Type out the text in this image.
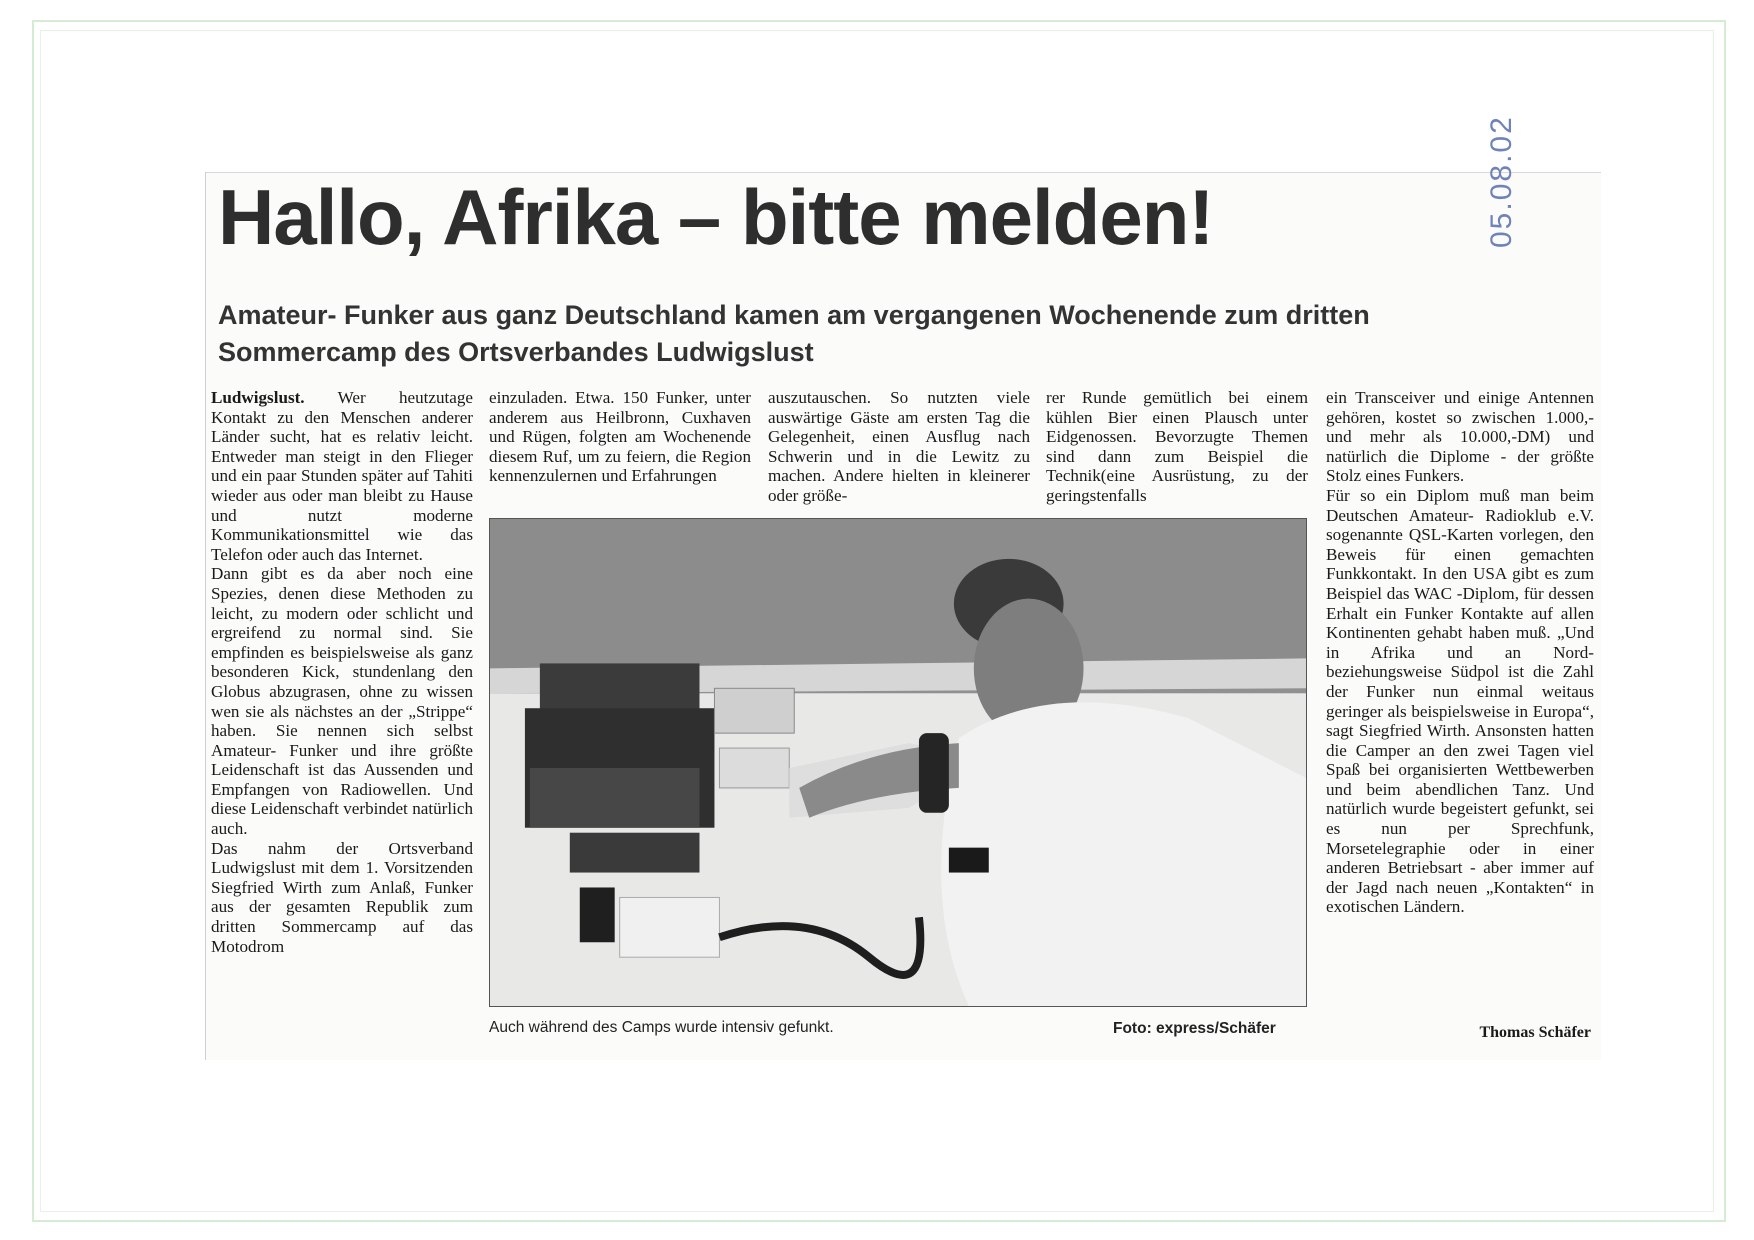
Hallo, Afrika – bitte melden!
Amateur- Funker aus ganz Deutschland kamen am vergangenen Wochenende zum dritten Sommercamp des Ortsverbandes Ludwigslust

Ludwigslust. Wer heutzutage Kontakt zu den Menschen anderer Länder sucht, hat es relativ leicht. Entweder man steigt in den Flieger und ein paar Stunden später auf Tahiti wieder aus oder man bleibt zu Hause und nutzt moderne Kommunikationsmittel wie das Telefon oder auch das Internet.

Dann gibt es da aber noch eine Spezies, denen diese Methoden zu leicht, zu modern oder schlicht und ergreifend zu normal sind. Sie empfinden es beispielsweise als ganz besonderen Kick, stundenlang den Globus abzugrasen, ohne zu wissen wen sie als nächstes an der „Strippe“ haben. Sie nennen sich selbst Amateur- Funker und ihre größte Leidenschaft ist das Aussenden und Empfangen von Radiowellen. Und diese Leidenschaft verbindet natürlich auch.

Das nahm der Ortsverband Ludwigslust mit dem 1. Vorsitzenden Siegfried Wirth zum Anlaß, Funker aus der gesamten Republik zum dritten Sommercamp auf das Motodrom

einzuladen. Etwa. 150 Funker, unter anderem aus Heilbronn, Cuxhaven und Rügen, folgten am Wochenende diesem Ruf, um zu feiern, die Region kennenzulernen und Erfahrungen

auszutauschen. So nutzten viele auswärtige Gäste am ersten Tag die Gelegenheit, einen Ausflug nach Schwerin und in die Lewitz zu machen. Andere hielten in kleinerer oder größe-

rer Runde gemütlich bei einem kühlen Bier einen Plausch unter Eidgenossen. Bevorzugte Themen sind dann zum Beispiel die Technik(eine Ausrüstung, zu der geringstenfalls

ein Transceiver und einige Antennen gehören, kostet so zwischen 1.000,- und mehr als 10.000,-DM) und natürlich die Diplome - der größte Stolz eines Funkers.

Für so ein Diplom muß man beim Deutschen Amateur- Radioklub e.V. sogenannte QSL-Karten vorlegen, den Beweis für einen gemachten Funkkontakt. In den USA gibt es zum Beispiel das WAC -Diplom, für dessen Erhalt ein Funker Kontakte auf allen Kontinenten gehabt haben muß. „Und in Afrika und an Nord- beziehungsweise Südpol ist die Zahl der Funker nun einmal weitaus geringer als beispielsweise in Europa“, sagt Siegfried Wirth. Ansonsten hatten die Camper an den zwei Tagen viel Spaß bei organisierten Wettbewerben und beim abendlichen Tanz. Und natürlich wurde begeistert gefunkt, sei es nun per Sprechfunk, Morsetelegraphie oder in einer anderen Betriebsart - aber immer auf der Jagd nach neuen „Kontakten“ in exotischen Ländern.

Thomas Schäfer
Auch während des Camps wurde intensiv gefunkt.	Foto: express/Schäfer
05.08.02
